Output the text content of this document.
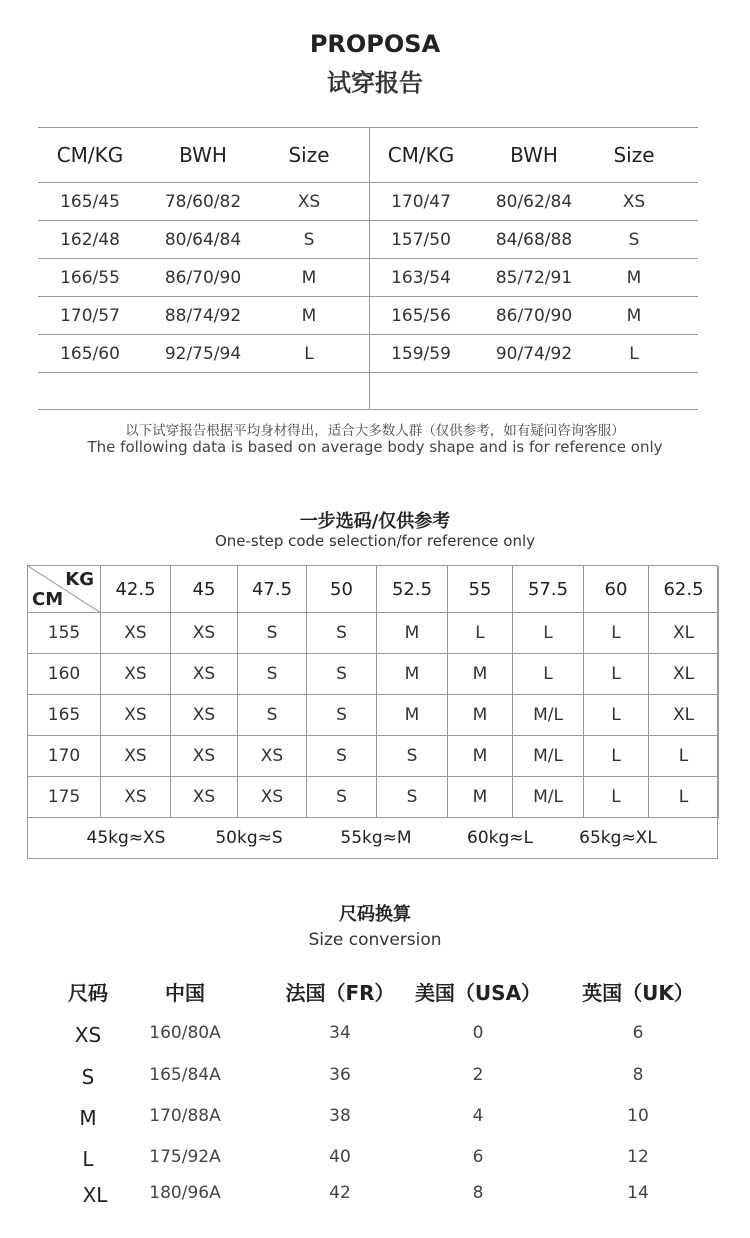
PROPOSA
试穿报告
CM/KG	BWH	Size	CM/KG	BWH	Size
165/45	78/60/82	XS	170/47	80/62/84	XS
162/48	80/64/84	S	157/50	84/68/88	S
166/55	86/70/90	M	163/54	85/72/91	M
170/57	88/74/92	M	165/56	86/70/90	M
165/60	92/75/94	L	159/59	90/74/92	L
以下试穿报告根据平均身材得出，适合大多数人群（仅供参考，如有疑问咨询客服）
The following data is based on average body shape and is for reference only
一步选码/仅供参考
One-step code selection/for reference only
KG
CM	42.5	45	47.5	50	52.5	55	57.5	60	62.5
155	XS	XS	S	S	M	L	L	L	XL
160	XS	XS	S	S	M	M	L	L	XL
165	XS	XS	S	S	M	M	M/L	L	XL
170	XS	XS	XS	S	S	M	M/L	L	L
175	XS	XS	XS	S	S	M	M/L	L	L
45kg≈XS	50kg≈S	55kg≈M	60kg≈L	65kg≈XL
尺码换算
Size conversion
尺码	中国	法国（FR）	美国（USA）	英国（UK）
XS	160/80A	34	0	6
S	165/84A	36	2	8
M	170/88A	38	4	10
L	175/92A	40	6	12
XL	180/96A	42	8	14
